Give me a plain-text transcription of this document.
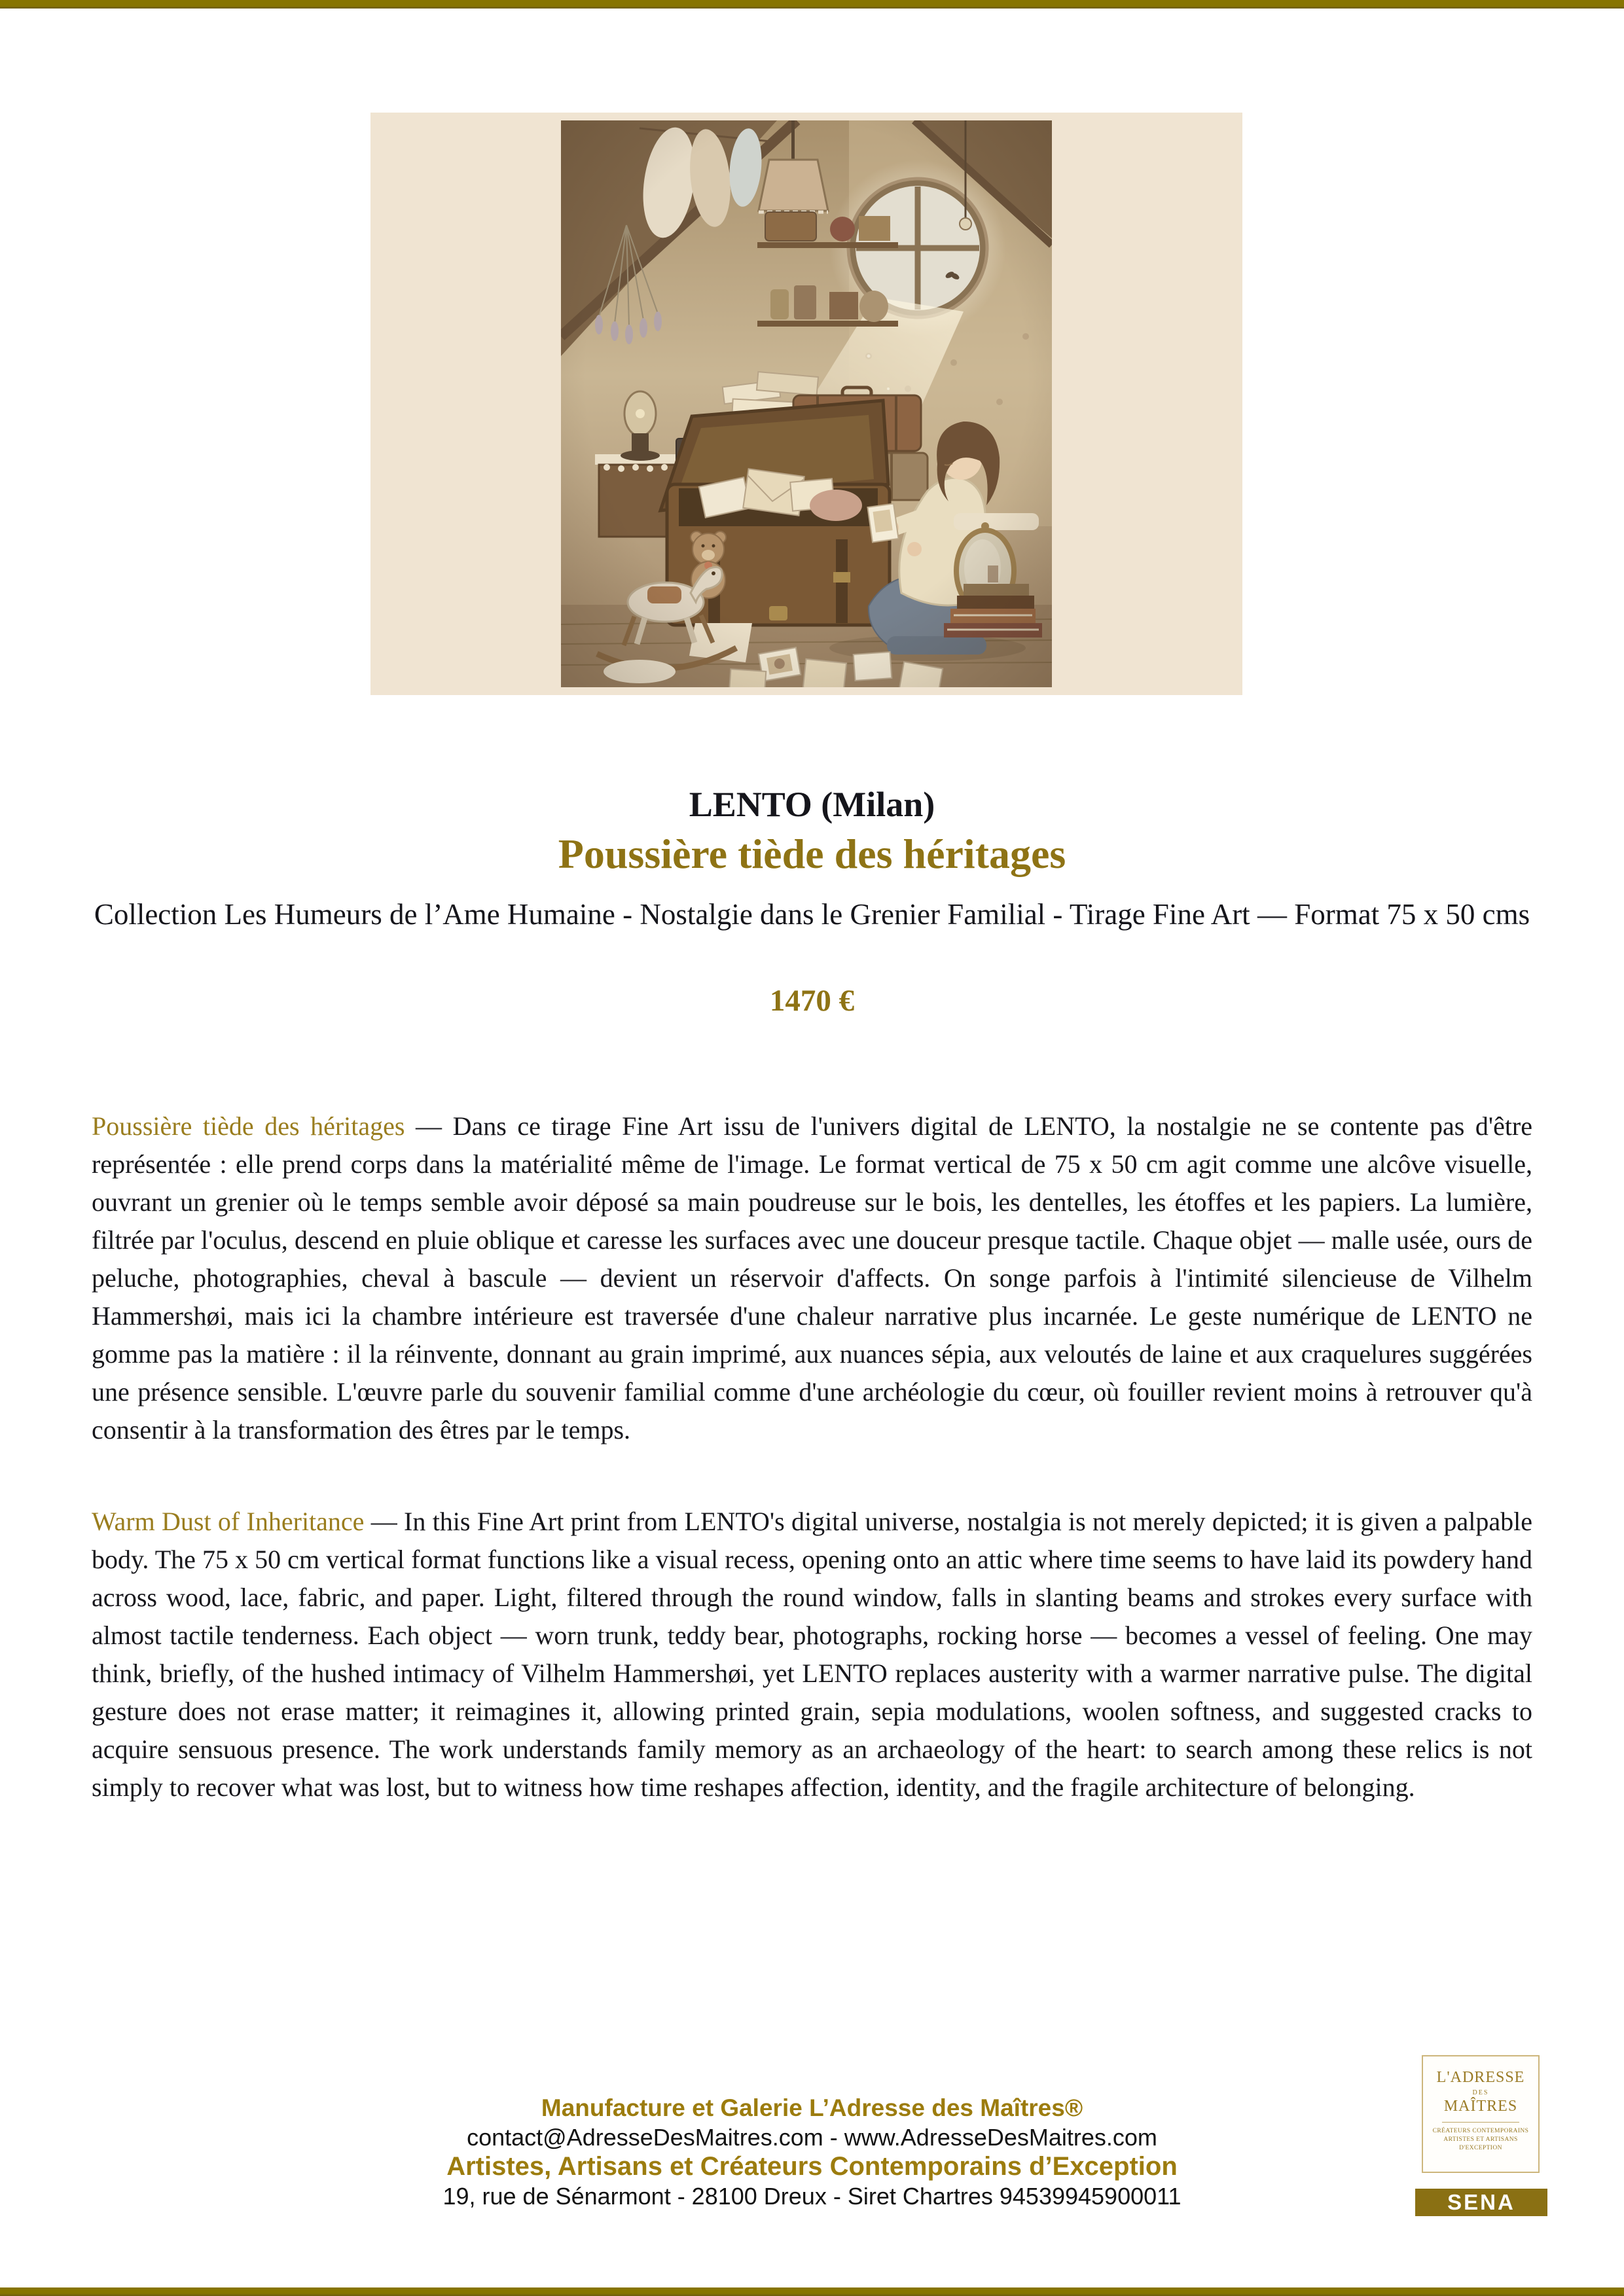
LENTO (Milan)
Poussière tiède des héritages

Collection Les Humeurs de l’Ame Humaine - Nostalgie dans le Grenier Familial - Tirage Fine Art — Format 75 x 50 cms

1470 €

Poussière tiède des héritages — Dans ce tirage Fine Art issu de l'univers digital de LENTO, la nostalgie ne se contente pas d'être représentée : elle prend corps dans la matérialité même de l'image. Le format vertical de 75 x 50 cm agit comme une alcôve visuelle, ouvrant un grenier où le temps semble avoir déposé sa main poudreuse sur le bois, les dentelles, les étoffes et les papiers. La lumière, filtrée par l'oculus, descend en pluie oblique et caresse les surfaces avec une douceur presque tactile. Chaque objet — malle usée, ours de peluche, photographies, cheval à bascule — devient un réservoir d'affects. On songe parfois à l'intimité silencieuse de Vilhelm Hammershøi, mais ici la chambre intérieure est traversée d'une chaleur narrative plus incarnée. Le geste numérique de LENTO ne gomme pas la matière : il la réinvente, donnant au grain imprimé, aux nuances sépia, aux veloutés de laine et aux craquelures suggérées une présence sensible. L'œuvre parle du souvenir familial comme d'une archéologie du cœur, où fouiller revient moins à retrouver qu'à consentir à la transformation des êtres par le temps.

Warm Dust of Inheritance — In this Fine Art print from LENTO's digital universe, nostalgia is not merely depicted; it is given a palpable body. The 75 x 50 cm vertical format functions like a visual recess, opening onto an attic where time seems to have laid its powdery hand across wood, lace, fabric, and paper. Light, filtered through the round window, falls in slanting beams and strokes every surface with almost tactile tenderness. Each object — worn trunk, teddy bear, photographs, rocking horse — becomes a vessel of feeling. One may think, briefly, of the hushed intimacy of Vilhelm Hammershøi, yet LENTO replaces austerity with a warmer narrative pulse. The digital gesture does not erase matter; it reimagines it, allowing printed grain, sepia modulations, woolen softness, and suggested cracks to acquire sensuous presence. The work understands family memory as an archaeology of the heart: to search among these relics is not simply to recover what was lost, but to witness how time reshapes affection, identity, and the fragile architecture of belonging.

Manufacture et Galerie L’Adresse des Maîtres®

contact@AdresseDesMaitres.com - www.AdresseDesMaitres.com

Artistes, Artisans et Créateurs Contemporains d’Exception

19, rue de Sénarmont - 28100 Dreux - Siret Chartres 94539945900011

L'ADRESSE
DES
MAÎTRES
CRÉATEURS CONTEMPORAINS
ARTISTES ET ARTISANS
D'EXCEPTION
SENA
